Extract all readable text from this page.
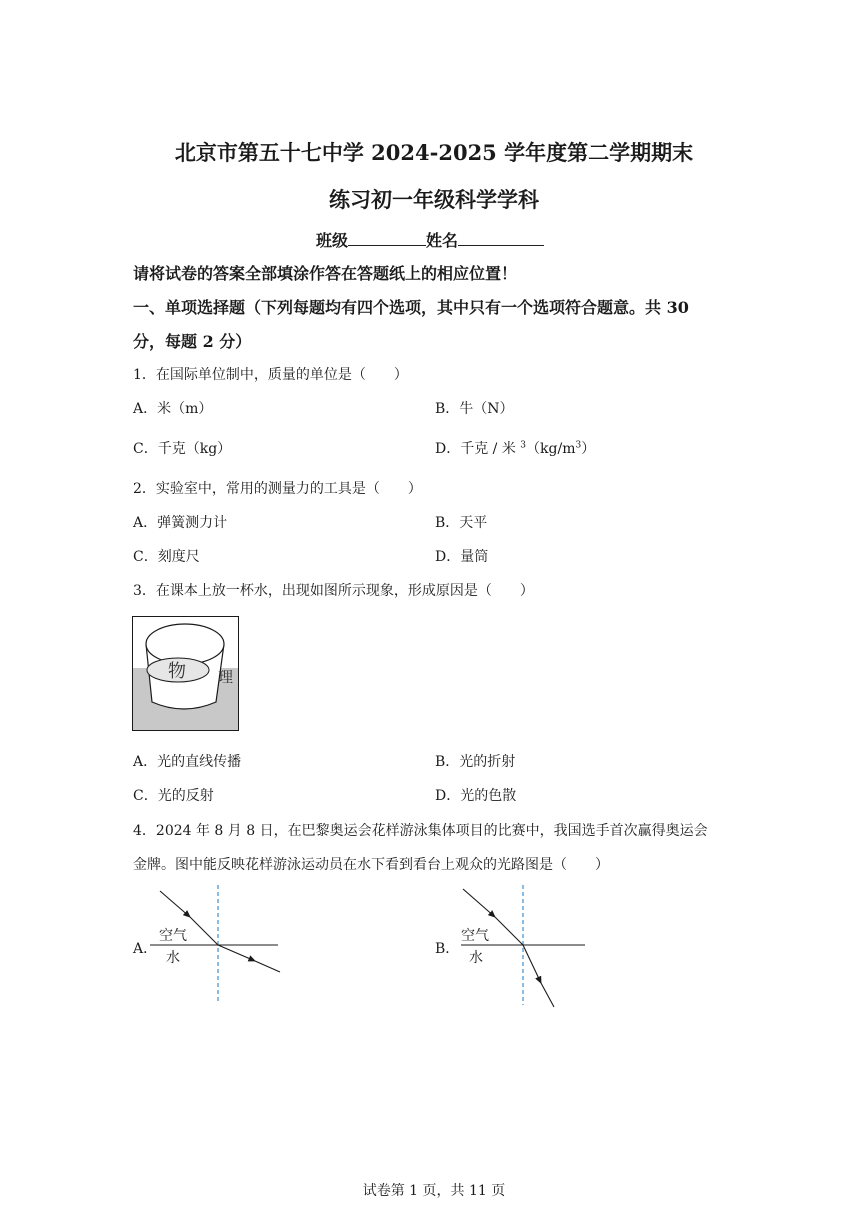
北京市第五十七中学 2024-2025 学年度第二学期期末
练习初一年级科学学科
班级	姓名
请将试卷的答案全部填涂作答在答题纸上的相应位置！
一、单项选择题（下列每题均有四个选项，其中只有一个选项符合题意。共 30
分，每题 2 分）
1．在国际单位制中，质量的单位是（　　）
A．米（m）	B．牛（N）
C．千克（kg）	D．千克 / 米 $^3(kg/m^3)$
2．实验室中，常用的测量力的工具是（　　）
A．弹簧测力计	B．天平
C．刻度尺	D．量筒
3．在课本上放一杯水，出现如图所示现象，形成原因是（　　）
物 理
A．光的直线传播	B．光的折射
C．光的反射	D．光的色散
4．2024 年 8 月 8 日，在巴黎奥运会花样游泳集体项目的比赛中，我国选手首次赢得奥运会
金牌。图中能反映花样游泳运动员在水下看到看台上观众的光路图是（　　）
A．
空气
水
B．
空气
水
试卷第 1 页，共 11 页
